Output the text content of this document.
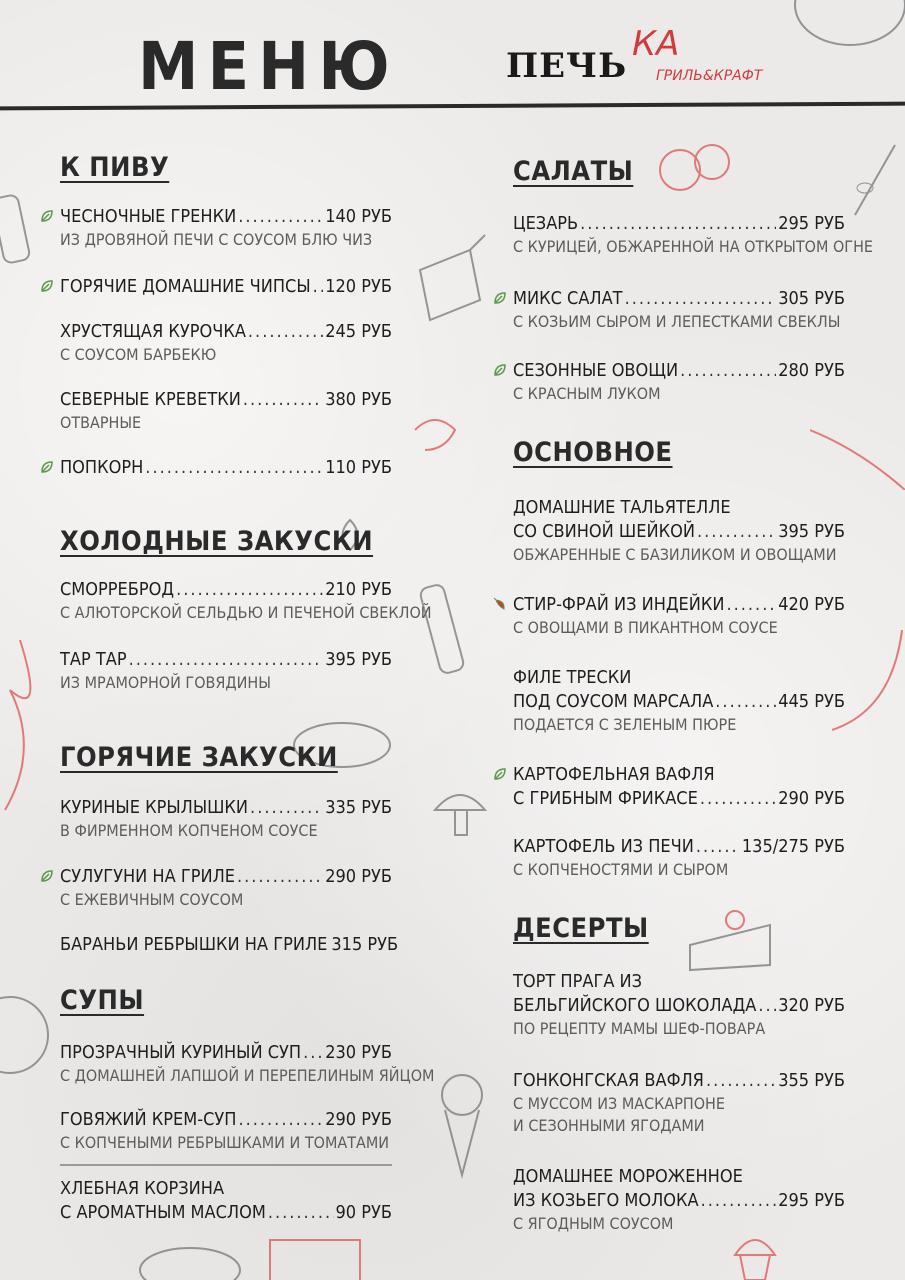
МЕНЮ	ПЕЧЬ
КА
ГРИЛЬ&КРАФТ
К ПИВУ
ЧЕСНОЧНЫЕ ГРЕНКИ .....	140 РУБ
ИЗ ДРОВЯНОЙ ПЕЧИ С СОУСОМ БЛЮ ЧИЗ
ГОРЯЧИЕ ДОМАШНИЕ ЧИПСЫ ..... 120 РУБ
ХРУСТЯЩАЯ КУРОЧКА .....	245 РУБ
С СОУСОМ БАРБЕКЮ
СЕВЕРНЫЕ КРЕВЕТКИ .....	380 РУБ
ОТВАРНЫЕ
ПОПКОРН .....	110 РУБ
ХОЛОДНЫЕ ЗАКУСКИ
СМОРРЕБРОД .....	210 РУБ
С АЛЮТОРСКОЙ СЕЛЬДЬЮ И ПЕЧЕНОЙ СВЕКЛОЙ
ТАР ТАР .....	395 РУБ
ИЗ МРАМОРНОЙ ГОВЯДИНЫ
ГОРЯЧИЕ ЗАКУСКИ
КУРИНЫЕ КРЫЛЫШКИ .....	335 РУБ
В ФИРМЕННОМ КОПЧЕНОМ СОУСЕ
СУЛУГУНИ НА ГРИЛЕ .....	290 РУБ
С ЕЖЕВИЧНЫМ СОУСОМ
БАРАНЬИ РЕБРЫШКИ НА ГРИЛЕ 315 РУБ
СУПЫ
ПРОЗРАЧНЫЙ КУРИНЫЙ СУП ..... 230 РУБ
С ДОМАШНЕЙ ЛАПШОЙ И ПЕРЕПЕЛИНЫМ ЯЙЦОМ
ГОВЯЖИЙ КРЕМ-СУП .....	290 РУБ
С КОПЧЕНЫМИ РЕБРЫШКАМИ И ТОМАТАМИ
ХЛЕБНАЯ КОРЗИНА
С АРОМАТНЫМ МАСЛОМ .....	90 РУБ
САЛАТЫ
ЦЕЗАРЬ .....	295 РУБ
С КУРИЦЕЙ, ОБЖАРЕННОЙ НА ОТКРЫТОМ ОГНЕ
МИКС САЛАТ .....	305 РУБ
С КОЗЬИМ СЫРОМ И ЛЕПЕСТКАМИ СВЕКЛЫ
СЕЗОННЫЕ ОВОЩИ .....	280 РУБ
С КРАСНЫМ ЛУКОМ
ОСНОВНОЕ
ДОМАШНИЕ ТАЛЬЯТЕЛЛЕ
СО СВИНОЙ ШЕЙКОЙ .....	395 РУБ
ОБЖАРЕННЫЕ С БАЗИЛИКОМ И ОВОЩАМИ
СТИР-ФРАЙ ИЗ ИНДЕЙКИ .....	420 РУБ
С ОВОЩАМИ В ПИКАНТНОМ СОУСЕ
ФИЛЕ ТРЕСКИ
ПОД СОУСОМ МАРСАЛА .....	445 РУБ
ПОДАЕТСЯ С ЗЕЛЕНЫМ ПЮРЕ
КАРТОФЕЛЬНАЯ ВАФЛЯ
С ГРИБНЫМ ФРИКАСЕ .....	290 РУБ
КАРТОФЕЛЬ ИЗ ПЕЧИ .....	135/275 РУБ
С КОПЧЕНОСТЯМИ И СЫРОМ
ДЕСЕРТЫ
ТОРТ ПРАГА ИЗ
БЕЛЬГИЙСКОГО ШОКОЛАДА ..... 320 РУБ
ПО РЕЦЕПТУ МАМЫ ШЕФ-ПОВАРА
ГОНКОНГСКАЯ ВАФЛЯ .....	355 РУБ
С МУССОМ ИЗ МАСКАРПОНЕ
И СЕЗОННЫМИ ЯГОДАМИ
ДОМАШНЕЕ МОРОЖЕННОЕ
ИЗ КОЗЬЕГО МОЛОКА .....	295 РУБ
С ЯГОДНЫМ СОУСОМ
